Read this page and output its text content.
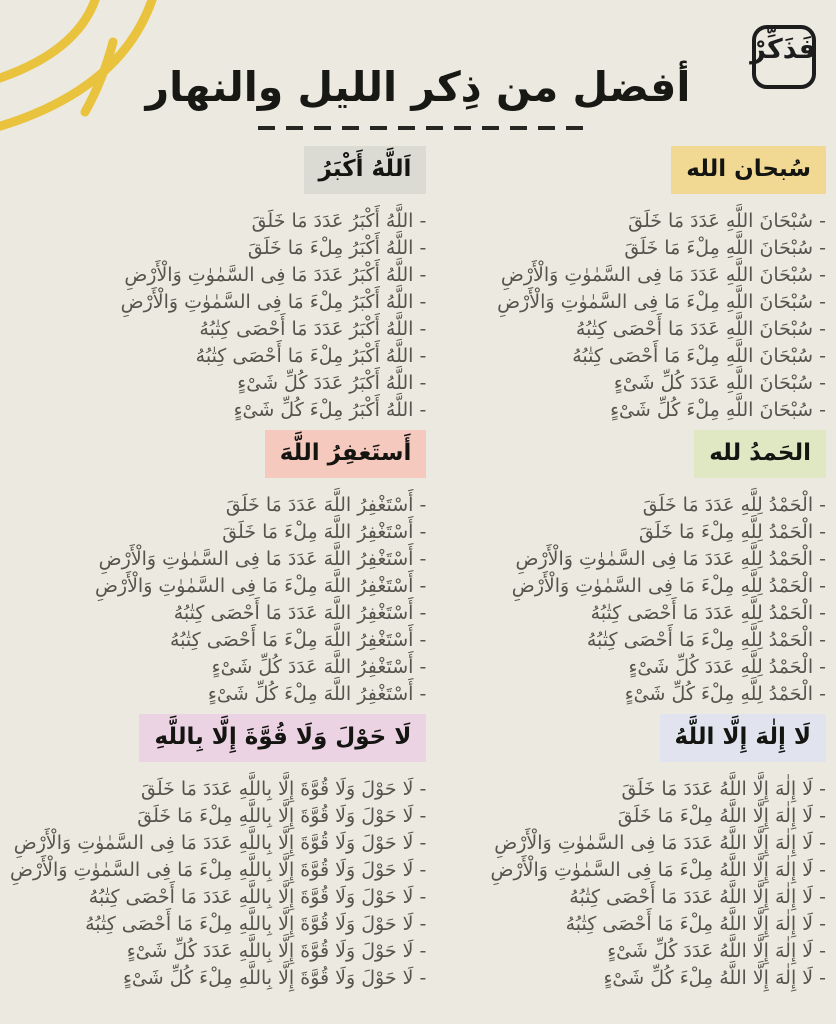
فَذَكِّرْ
أفضل من ذِكر الليل والنهار
سُبحان الله
- سُبْحَانَ اللَّهِ عَدَدَ مَا خَلَقَ
- سُبْحَانَ اللَّهِ مِلْءَ مَا خَلَقَ
- سُبْحَانَ اللَّهِ عَدَدَ مَا فِى السَّمٰوٰتِ وَالْأَرْضِ
- سُبْحَانَ اللَّهِ مِلْءَ مَا فِى السَّمٰوٰتِ وَالْأَرْضِ
- سُبْحَانَ اللَّهِ عَدَدَ مَا أَحْصَى كِتٰبُهُ
- سُبْحَانَ اللَّهِ مِلْءَ مَا أَحْصَى كِتٰبُهُ
- سُبْحَانَ اللَّهِ عَدَدَ كُلِّ شَىْءٍ
- سُبْحَانَ اللَّهِ مِلْءَ كُلِّ شَىْءٍ
اَللَّهُ أَكْبَرُ
- اللَّهُ أَكْبَرُ عَدَدَ مَا خَلَقَ
- اللَّهُ أَكْبَرُ مِلْءَ مَا خَلَقَ
- اللَّهُ أَكْبَرُ عَدَدَ مَا فِى السَّمٰوٰتِ وَالْأَرْضِ
- اللَّهُ أَكْبَرُ مِلْءَ مَا فِى السَّمٰوٰتِ وَالْأَرْضِ
- اللَّهُ أَكْبَرُ عَدَدَ مَا أَحْصَى كِتٰبُهُ
- اللَّهُ أَكْبَرُ مِلْءَ مَا أَحْصَى كِتٰبُهُ
- اللَّهُ أَكْبَرُ عَدَدَ كُلِّ شَىْءٍ
- اللَّهُ أَكْبَرُ مِلْءَ كُلِّ شَىْءٍ
الحَمدُ لله
- الْحَمْدُ لِلَّهِ عَدَدَ مَا خَلَقَ
- الْحَمْدُ لِلَّهِ مِلْءَ مَا خَلَقَ
- الْحَمْدُ لِلَّهِ عَدَدَ مَا فِى السَّمٰوٰتِ وَالْأَرْضِ
- الْحَمْدُ لِلَّهِ مِلْءَ مَا فِى السَّمٰوٰتِ وَالْأَرْضِ
- الْحَمْدُ لِلَّهِ عَدَدَ مَا أَحْصَى كِتٰبُهُ
- الْحَمْدُ لِلَّهِ مِلْءَ مَا أَحْصَى كِتٰبُهُ
- الْحَمْدُ لِلَّهِ عَدَدَ كُلِّ شَىْءٍ
- الْحَمْدُ لِلَّهِ مِلْءَ كُلِّ شَىْءٍ
أَستَغفِرُ اللَّهَ
- أَسْتَغْفِرُ اللَّهَ عَدَدَ مَا خَلَقَ
- أَسْتَغْفِرُ اللَّهَ مِلْءَ مَا خَلَقَ
- أَسْتَغْفِرُ اللَّهَ عَدَدَ مَا فِى السَّمٰوٰتِ وَالْأَرْضِ
- أَسْتَغْفِرُ اللَّهَ مِلْءَ مَا فِى السَّمٰوٰتِ وَالْأَرْضِ
- أَسْتَغْفِرُ اللَّهَ عَدَدَ مَا أَحْصَى كِتٰبُهُ
- أَسْتَغْفِرُ اللَّهَ مِلْءَ مَا أَحْصَى كِتٰبُهُ
- أَسْتَغْفِرُ اللَّهَ عَدَدَ كُلِّ شَىْءٍ
- أَسْتَغْفِرُ اللَّهَ مِلْءَ كُلِّ شَىْءٍ
لَا إِلٰهَ إِلَّا اللَّهُ
- لَا إِلٰهَ إِلَّا اللَّهُ عَدَدَ مَا خَلَقَ
- لَا إِلٰهَ إِلَّا اللَّهُ مِلْءَ مَا خَلَقَ
- لَا إِلٰهَ إِلَّا اللَّهُ عَدَدَ مَا فِى السَّمٰوٰتِ وَالْأَرْضِ
- لَا إِلٰهَ إِلَّا اللَّهُ مِلْءَ مَا فِى السَّمٰوٰتِ وَالْأَرْضِ
- لَا إِلٰهَ إِلَّا اللَّهُ عَدَدَ مَا أَحْصَى كِتٰبُهُ
- لَا إِلٰهَ إِلَّا اللَّهُ مِلْءَ مَا أَحْصَى كِتٰبُهُ
- لَا إِلٰهَ إِلَّا اللَّهُ عَدَدَ كُلِّ شَىْءٍ
- لَا إِلٰهَ إِلَّا اللَّهُ مِلْءَ كُلِّ شَىْءٍ
لَا حَوْلَ وَلَا قُوَّةَ إِلَّا بِاللَّهِ
- لَا حَوْلَ وَلَا قُوَّةَ إِلَّا بِاللَّهِ عَدَدَ مَا خَلَقَ
- لَا حَوْلَ وَلَا قُوَّةَ إِلَّا بِاللَّهِ مِلْءَ مَا خَلَقَ
- لَا حَوْلَ وَلَا قُوَّةَ إِلَّا بِاللَّهِ عَدَدَ مَا فِى السَّمٰوٰتِ وَالْأَرْضِ
- لَا حَوْلَ وَلَا قُوَّةَ إِلَّا بِاللَّهِ مِلْءَ مَا فِى السَّمٰوٰتِ وَالْأَرْضِ
- لَا حَوْلَ وَلَا قُوَّةَ إِلَّا بِاللَّهِ عَدَدَ مَا أَحْصَى كِتٰبُهُ
- لَا حَوْلَ وَلَا قُوَّةَ إِلَّا بِاللَّهِ مِلْءَ مَا أَحْصَى كِتٰبُهُ
- لَا حَوْلَ وَلَا قُوَّةَ إِلَّا بِاللَّهِ عَدَدَ كُلِّ شَىْءٍ
- لَا حَوْلَ وَلَا قُوَّةَ إِلَّا بِاللَّهِ مِلْءَ كُلِّ شَىْءٍ
